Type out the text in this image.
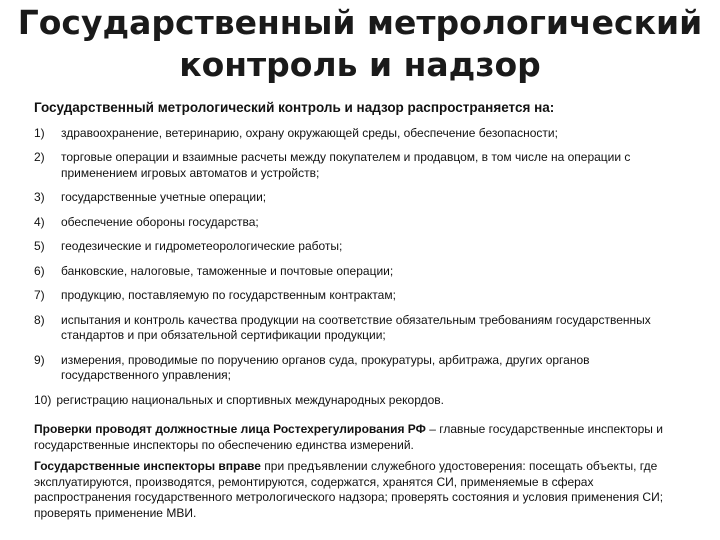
Государственный метрологический
контроль и надзор

Государственный метрологический контроль и надзор распространяется на:

1)	здравоохранение, ветеринарию, охрану окружающей среды, обеспечение безопасности;
2)	торговые операции и взаимные расчеты между покупателем и продавцом, в том числе на операции с применением игровых автоматов и устройств;
3)	государственные учетные операции;
4)	обеспечение обороны государства;
5)	геодезические и гидрометеорологические работы;
6)	банковские, налоговые, таможенные и почтовые операции;
7)	продукцию, поставляемую по государственным контрактам;
8)	испытания и контроль качества продукции на соответствие обязательным требованиям государственных стандартов и при обязательной сертификации продукции;
9)	измерения, проводимые по поручению органов суда, прокуратуры, арбитража, других органов государственного управления;
10) регистрацию национальных и спортивных международных рекордов.

Проверки проводят должностные лица Ростехрегулирования РФ – главные государственные инспекторы и государственные инспекторы по обеспечению единства измерений.

Государственные инспекторы вправе при предъявлении служебного удостоверения: посещать объекты, где эксплуатируются, производятся, ремонтируются, содержатся, хранятся СИ, применяемые в сферах распространения государственного метрологического надзора; проверять состояния и условия применения СИ; проверять применение МВИ.
